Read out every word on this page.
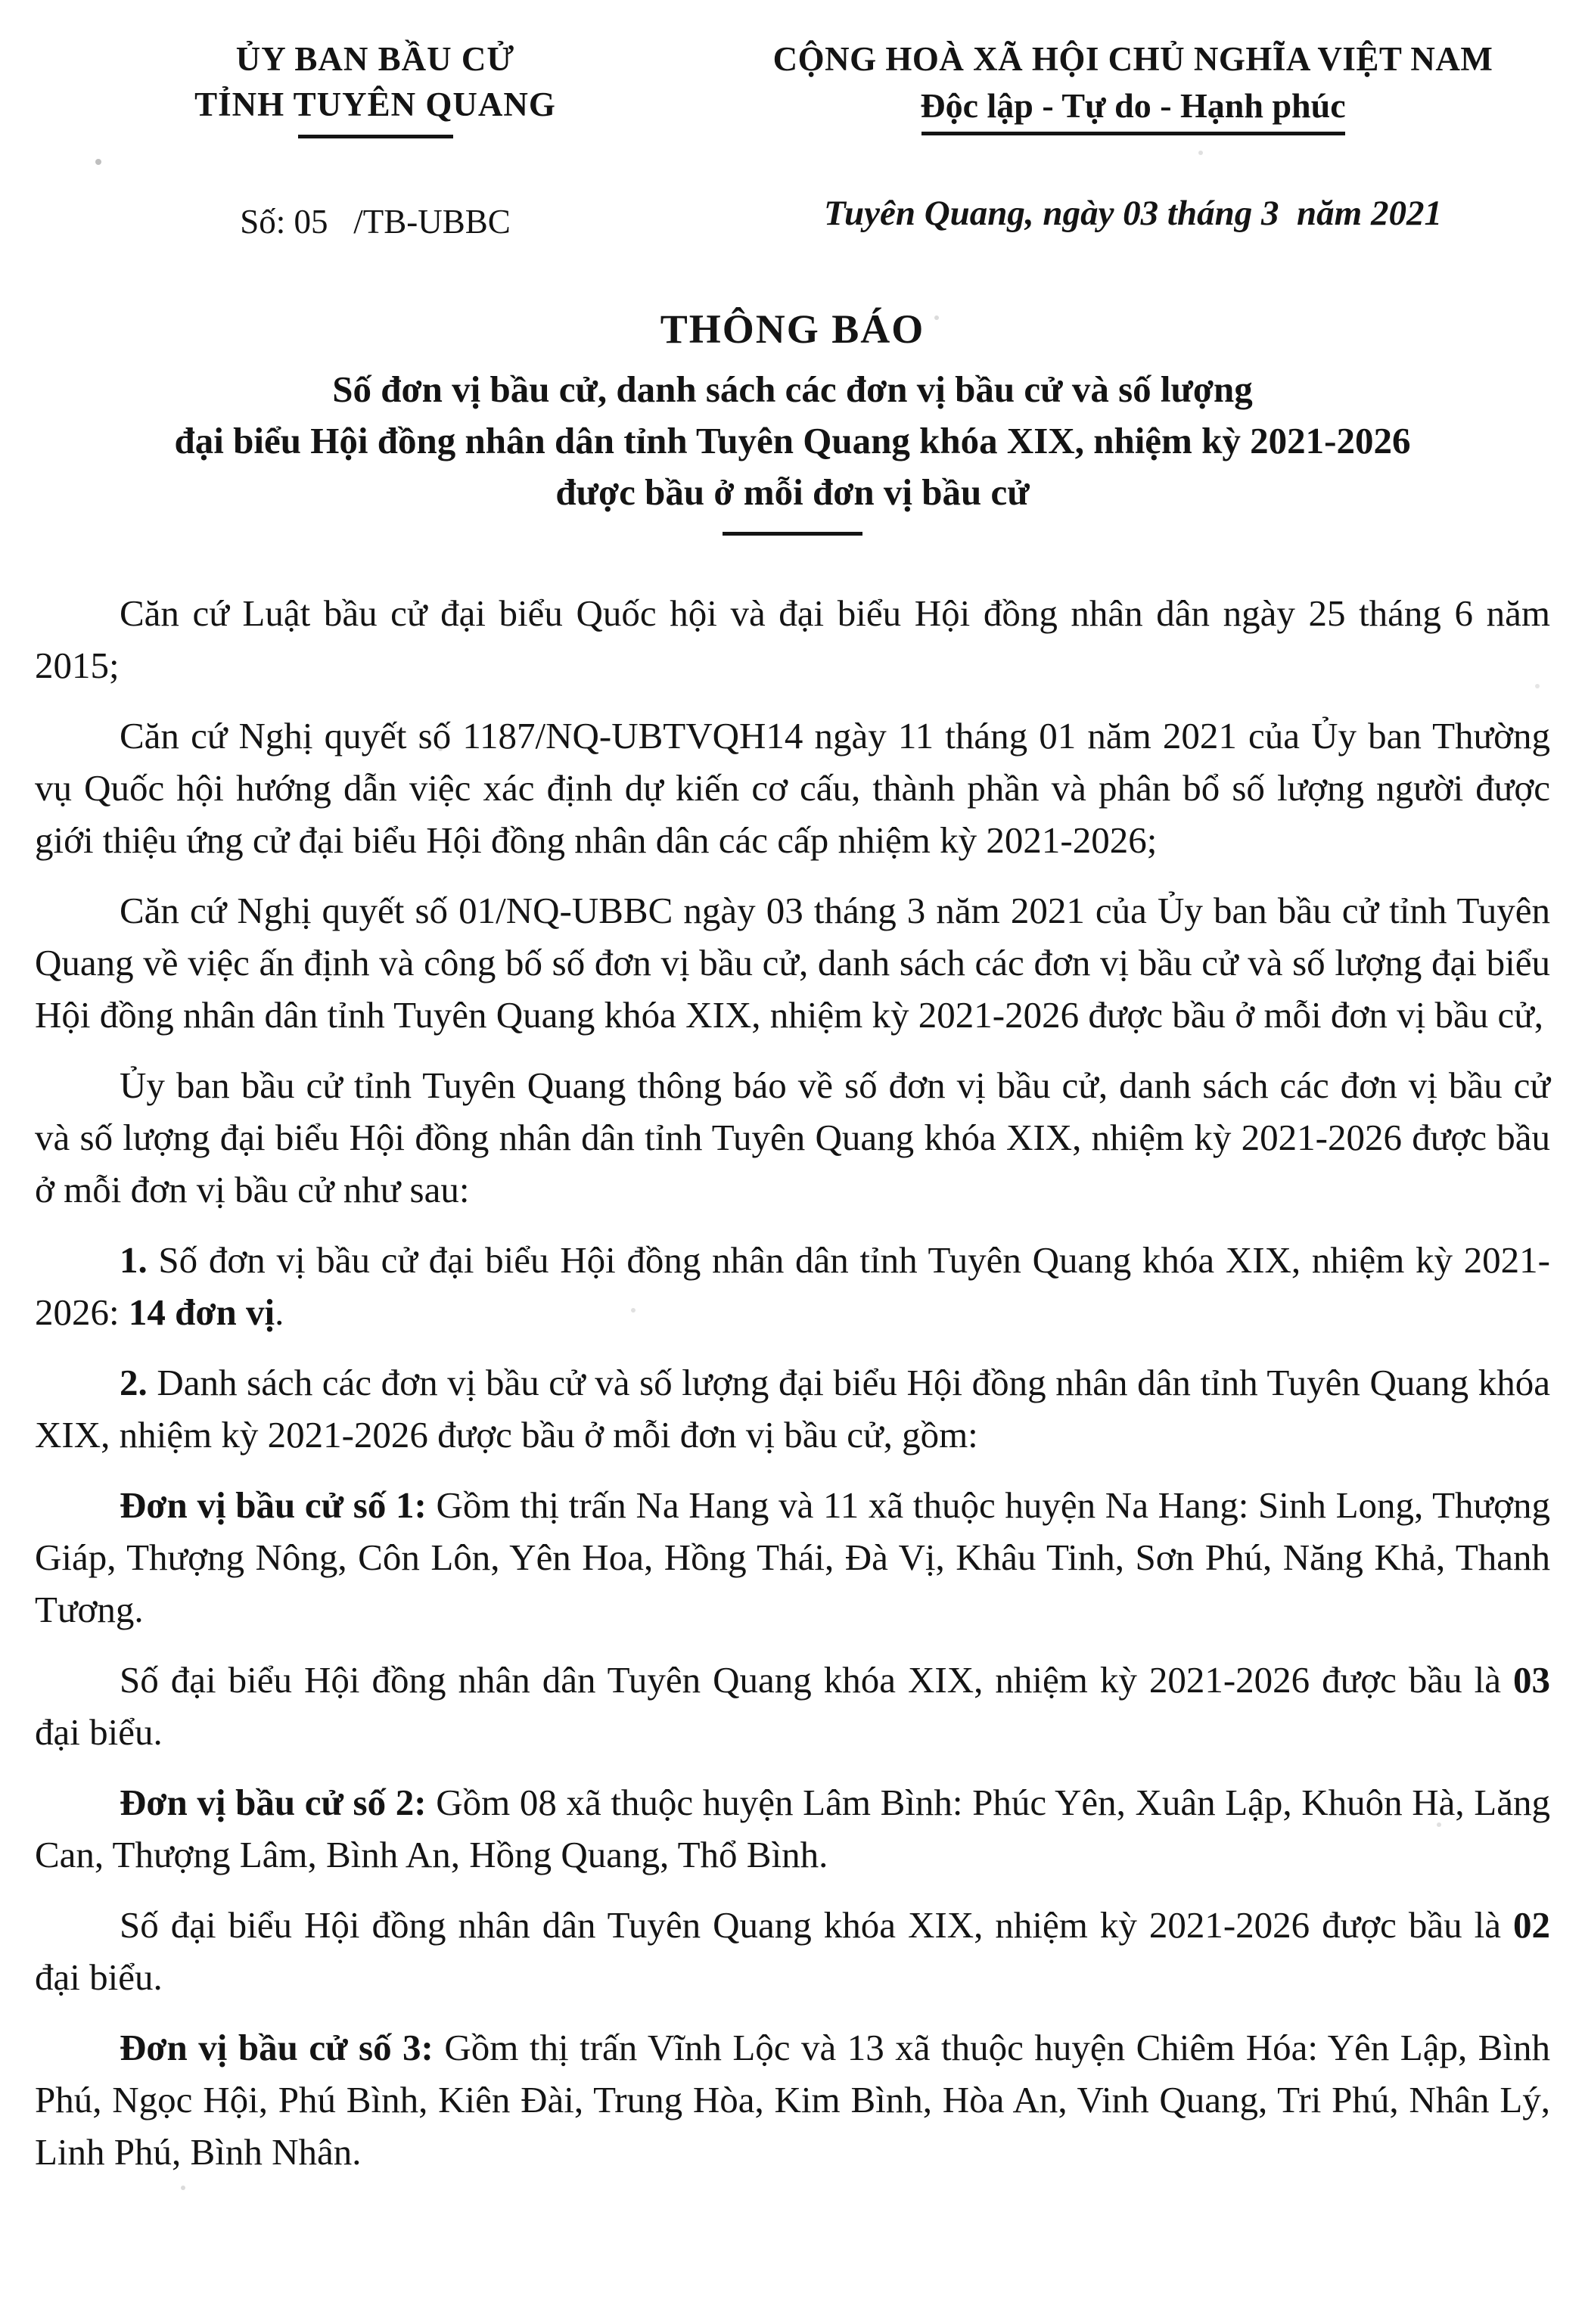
ỦY BAN BẦU CỬ
TỈNH TUYÊN QUANG
Số: 05   /TB-UBBC
CỘNG HOÀ XÃ HỘI CHỦ NGHĨA VIỆT NAM
Độc lập - Tự do - Hạnh phúc
Tuyên Quang, ngày 03 tháng 3  năm 2021
THÔNG BÁO
Số đơn vị bầu cử, danh sách các đơn vị bầu cử và số lượng
đại biểu Hội đồng nhân dân tỉnh Tuyên Quang khóa XIX, nhiệm kỳ 2021-2026
được bầu ở mỗi đơn vị bầu cử

Căn cứ Luật bầu cử đại biểu Quốc hội và đại biểu Hội đồng nhân dân ngày 25 tháng 6 năm 2015;

Căn cứ Nghị quyết số 1187/NQ-UBTVQH14 ngày 11 tháng 01 năm 2021 của Ủy ban Thường vụ Quốc hội hướng dẫn việc xác định dự kiến cơ cấu, thành phần và phân bổ số lượng người được giới thiệu ứng cử đại biểu Hội đồng nhân dân các cấp nhiệm kỳ 2021-2026;

Căn cứ Nghị quyết số 01/NQ-UBBC ngày 03 tháng 3 năm 2021 của Ủy ban bầu cử tỉnh Tuyên Quang về việc ấn định và công bố số đơn vị bầu cử, danh sách các đơn vị bầu cử và số lượng đại biểu Hội đồng nhân dân tỉnh Tuyên Quang khóa XIX, nhiệm kỳ 2021-2026 được bầu ở mỗi đơn vị bầu cử,

Ủy ban bầu cử tỉnh Tuyên Quang thông báo về số đơn vị bầu cử, danh sách các đơn vị bầu cử và số lượng đại biểu Hội đồng nhân dân tỉnh Tuyên Quang khóa XIX, nhiệm kỳ 2021-2026 được bầu ở mỗi đơn vị bầu cử như sau:

1. Số đơn vị bầu cử đại biểu Hội đồng nhân dân tỉnh Tuyên Quang khóa XIX, nhiệm kỳ 2021-2026: 14 đơn vị.

2. Danh sách các đơn vị bầu cử và số lượng đại biểu Hội đồng nhân dân tỉnh Tuyên Quang khóa XIX, nhiệm kỳ 2021-2026 được bầu ở mỗi đơn vị bầu cử, gồm:

Đơn vị bầu cử số 1: Gồm thị trấn Na Hang và 11 xã thuộc huyện Na Hang: Sinh Long, Thượng Giáp, Thượng Nông, Côn Lôn, Yên Hoa, Hồng Thái, Đà Vị, Khâu Tinh, Sơn Phú, Năng Khả, Thanh Tương.

Số đại biểu Hội đồng nhân dân Tuyên Quang khóa XIX, nhiệm kỳ 2021-2026 được bầu là 03 đại biểu.

Đơn vị bầu cử số 2: Gồm 08 xã thuộc huyện Lâm Bình: Phúc Yên, Xuân Lập, Khuôn Hà, Lăng Can, Thượng Lâm, Bình An, Hồng Quang, Thổ Bình.

Số đại biểu Hội đồng nhân dân Tuyên Quang khóa XIX, nhiệm kỳ 2021-2026 được bầu là 02 đại biểu.

Đơn vị bầu cử số 3: Gồm thị trấn Vĩnh Lộc và 13 xã thuộc huyện Chiêm Hóa: Yên Lập, Bình Phú, Ngọc Hội, Phú Bình, Kiên Đài, Trung Hòa, Kim Bình, Hòa An, Vinh Quang, Tri Phú, Nhân Lý, Linh Phú, Bình Nhân.
